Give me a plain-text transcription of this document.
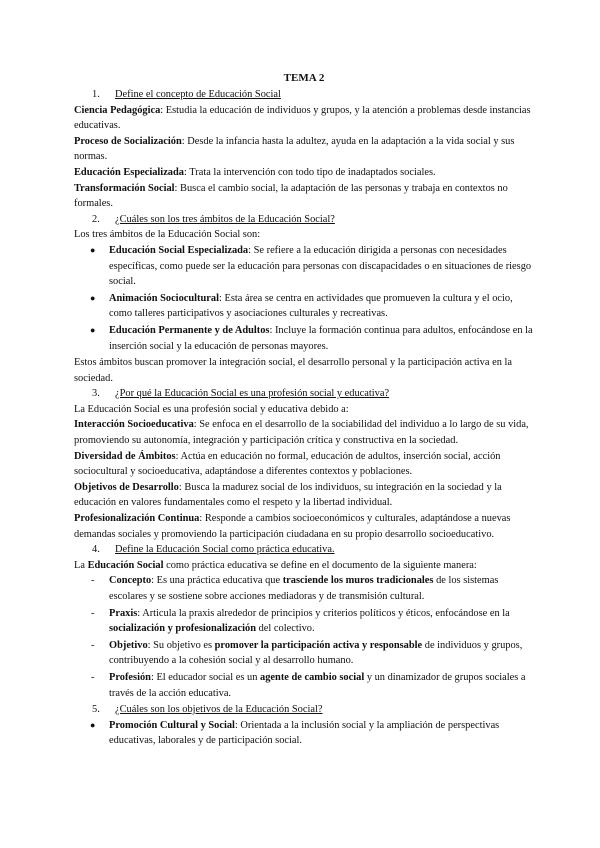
TEMA 2
1.	Define el concepto de Educación Social

Ciencia Pedagógica: Estudia la educación de individuos y grupos, y la atención a problemas desde instancias educativas.

Proceso de Socialización: Desde la infancia hasta la adultez, ayuda en la adaptación a la vida social y sus normas.

Educación Especializada: Trata la intervención con todo tipo de inadaptados sociales.

Transformación Social: Busca el cambio social, la adaptación de las personas y trabaja en contextos no formales.

2.	¿Cuáles son los tres ámbitos de la Educación Social?

Los tres ámbitos de la Educación Social son:

● Educación Social Especializada: Se refiere a la educación dirigida a personas con necesidades específicas, como puede ser la educación para personas con discapacidades o en situaciones de riesgo social.
● Animación Sociocultural: Esta área se centra en actividades que promueven la cultura y el ocio, como talleres participativos y asociaciones culturales y recreativas.
● Educación Permanente y de Adultos: Incluye la formación continua para adultos, enfocándose en la inserción social y la educación de personas mayores.

Estos ámbitos buscan promover la integración social, el desarrollo personal y la participación activa en la sociedad.

3.	¿Por qué la Educación Social es una profesión social y educativa?

La Educación Social es una profesión social y educativa debido a:

Interacción Socioeducativa: Se enfoca en el desarrollo de la sociabilidad del individuo a lo largo de su vida, promoviendo su autonomía, integración y participación crítica y constructiva en la sociedad.

Diversidad de Ámbitos: Actúa en educación no formal, educación de adultos, inserción social, acción sociocultural y socioeducativa, adaptándose a diferentes contextos y poblaciones.

Objetivos de Desarrollo: Busca la madurez social de los individuos, su integración en la sociedad y la educación en valores fundamentales como el respeto y la libertad individual.

Profesionalización Continua: Responde a cambios socioeconómicos y culturales, adaptándose a nuevas demandas sociales y promoviendo la participación ciudadana en su propio desarrollo socioeducativo.

4.	Define la Educación Social como práctica educativa.

La Educación Social como práctica educativa se define en el documento de la siguiente manera:

- Concepto: Es una práctica educativa que trasciende los muros tradicionales de los sistemas escolares y se sostiene sobre acciones mediadoras y de transmisión cultural.
- Praxis: Articula la praxis alrededor de principios y criterios políticos y éticos, enfocándose en la socialización y profesionalización del colectivo.
- Objetivo: Su objetivo es promover la participación activa y responsable de individuos y grupos, contribuyendo a la cohesión social y al desarrollo humano.
- Profesión: El educador social es un agente de cambio social y un dinamizador de grupos sociales a través de la acción educativa.
5.	¿Cuáles son los objetivos de la Educación Social?
● Promoción Cultural y Social: Orientada a la inclusión social y la ampliación de perspectivas educativas, laborales y de participación social.
